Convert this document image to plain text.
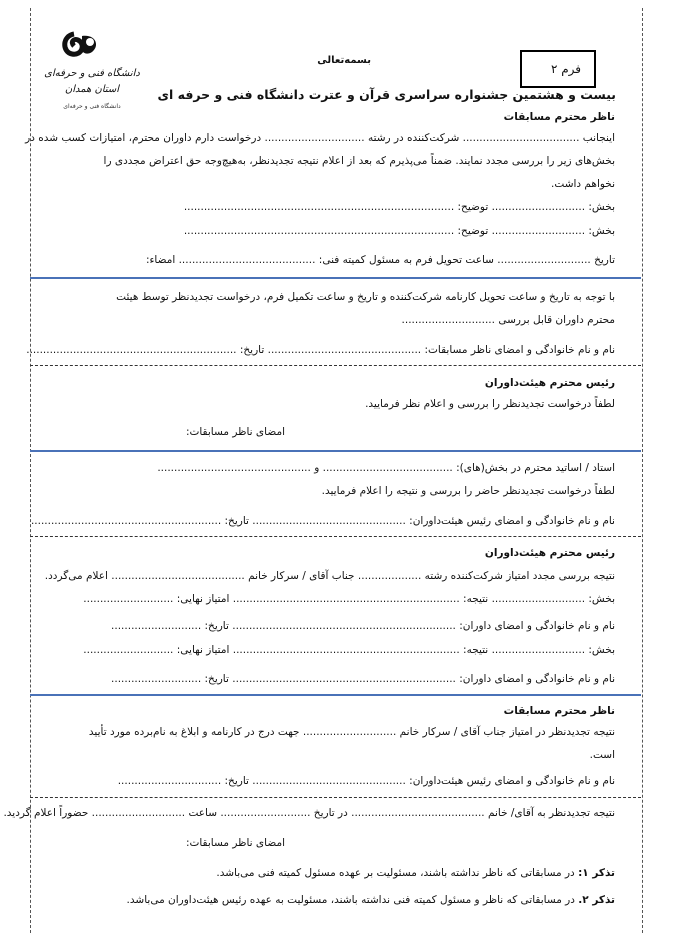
دانشگاه فنی و حرفه‌ای
استان همدان
دانشگاه فنی و حرفه‌ای
بسمه‌تعالی
فرم ۲
بیست و هشتمین جشنواره سراسری قرآن و عترت دانشگاه فنی و حرفه ای
ناظر محترم مسابقات
اینجانب ................................... شرکت‌کننده در رشته .............................. درخواست دارم داوران محترم، امتیازات کسب شده در
بخش‌های زیر را بررسی مجدد نمایند. ضمناً می‌پذیرم که بعد از اعلام نتیجه تجدیدنظر، به‌هیچ‌وجه حق اعتراض مجددی را
نخواهم داشت.
بخش: ............................ توضیح: .................................................................................
بخش: ............................ توضیح: .................................................................................
تاریخ ............................ ساعت تحویل فرم به مسئول کمیته فنی: ......................................... امضاء:
با توجه به تاریخ و ساعت تحویل کارنامه شرکت‌کننده و تاریخ و ساعت تکمیل فرم، درخواست تجدیدنظر توسط هیئت
محترم داوران قابل بررسی ............................
نام و نام خانوادگی و امضای ناظر مسابقات: .............................................. تاریخ: ...............................................................
رئیس محترم هیئت‌داوران
لطفاً درخواست تجدیدنظر را بررسی و اعلام نظر فرمایید.
امضای ناظر مسابقات:
استاد / اساتید محترم در بخش(های): ....................................... و ..............................................
لطفاً درخواست تجدیدنظر حاضر را بررسی و نتیجه را اعلام فرمایید.
نام و نام خانوادگی و امضای رئیس هیئت‌داوران: .............................................. تاریخ: .........................................................
رئیس محترم هیئت‌داوران
نتیجه بررسی مجدد امتیاز شرکت‌کننده رشته ................... جناب آقای / سرکار خانم ........................................ اعلام می‌گردد.
بخش: ............................ نتیجه: .................................................................... امتیاز نهایی: ...........................
نام و نام خانوادگی و امضای داوران: ................................................................... تاریخ: ...........................
بخش: ............................ نتیجه: .................................................................... امتیاز نهایی: ...........................
نام و نام خانوادگی و امضای داوران: ................................................................... تاریخ: ...........................
ناظر محترم مسابقات
نتیجه تجدیدنظر در امتیاز جناب آقای / سرکار خانم ............................ جهت درج در کارنامه و ابلاغ به نام‌برده مورد تأیید
است.
نام و نام خانوادگی و امضای رئیس هیئت‌داوران: .............................................. تاریخ: ...............................
نتیجه تجدیدنظر به آقای/ خانم ........................................ در تاریخ ........................... ساعت ............................ حضوراً اعلام گردید.
امضای ناظر مسابقات:
تذکر ۱: در مسابقاتی که ناظر نداشته باشند، مسئولیت بر عهده مسئول کمیته فنی می‌باشد.
تذکر ۲. در مسابقاتی که ناظر و مسئول کمیته فنی نداشته باشند، مسئولیت به عهده رئیس هیئت‌داوران می‌باشد.
